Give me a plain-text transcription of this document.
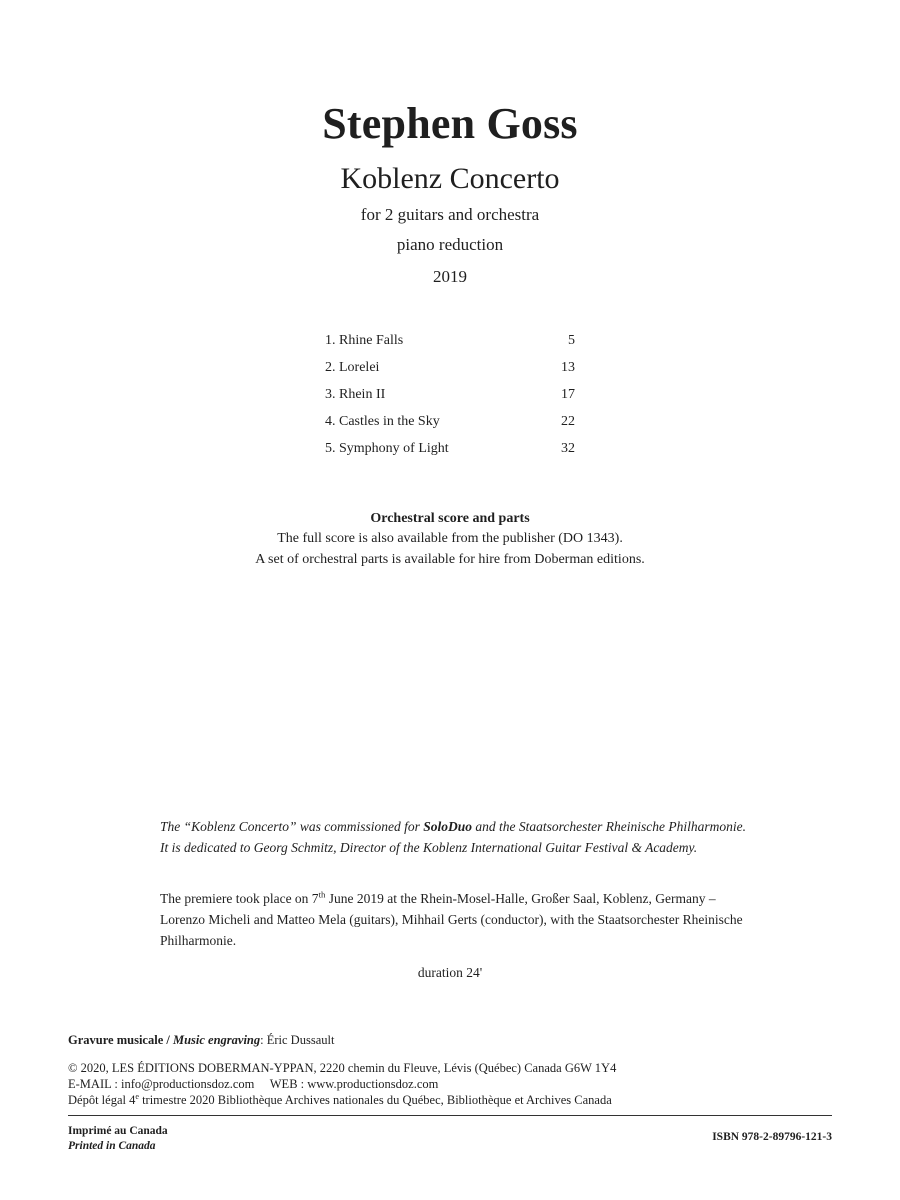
Stephen Goss
Koblenz Concerto
for 2 guitars and orchestra
piano reduction
2019
1. Rhine Falls	5
2. Lorelei	13
3. Rhein II	17
4. Castles in the Sky	22
5. Symphony of Light	32
Orchestral score and parts
The full score is also available from the publisher (DO 1343).
A set of orchestral parts is available for hire from Doberman editions.
The “Koblenz Concerto” was commissioned for SoloDuo and the Staatsorchester Rheinische Philharmonie. It is dedicated to Georg Schmitz, Director of the Koblenz International Guitar Festival & Academy.
The premiere took place on 7th June 2019 at the Rhein-Mosel-Halle, Großer Saal, Koblenz, Germany – Lorenzo Micheli and Matteo Mela (guitars), Mihhail Gerts (conductor), with the Staatsorchester Rheinische Philharmonie.
duration 24'
Gravure musicale / Music engraving: Éric Dussault
© 2020, LES ÉDITIONS DOBERMAN-YPPAN, 2220 chemin du Fleuve, Lévis (Québec) Canada G6W 1Y4
E-MAIL : info@productionsdoz.com     WEB : www.productionsdoz.com
Dépôt légal 4e trimestre 2020 Bibliothèque Archives nationales du Québec, Bibliothèque et Archives Canada
Imprimé au Canada
Printed in Canada
ISBN 978-2-89796-121-3
